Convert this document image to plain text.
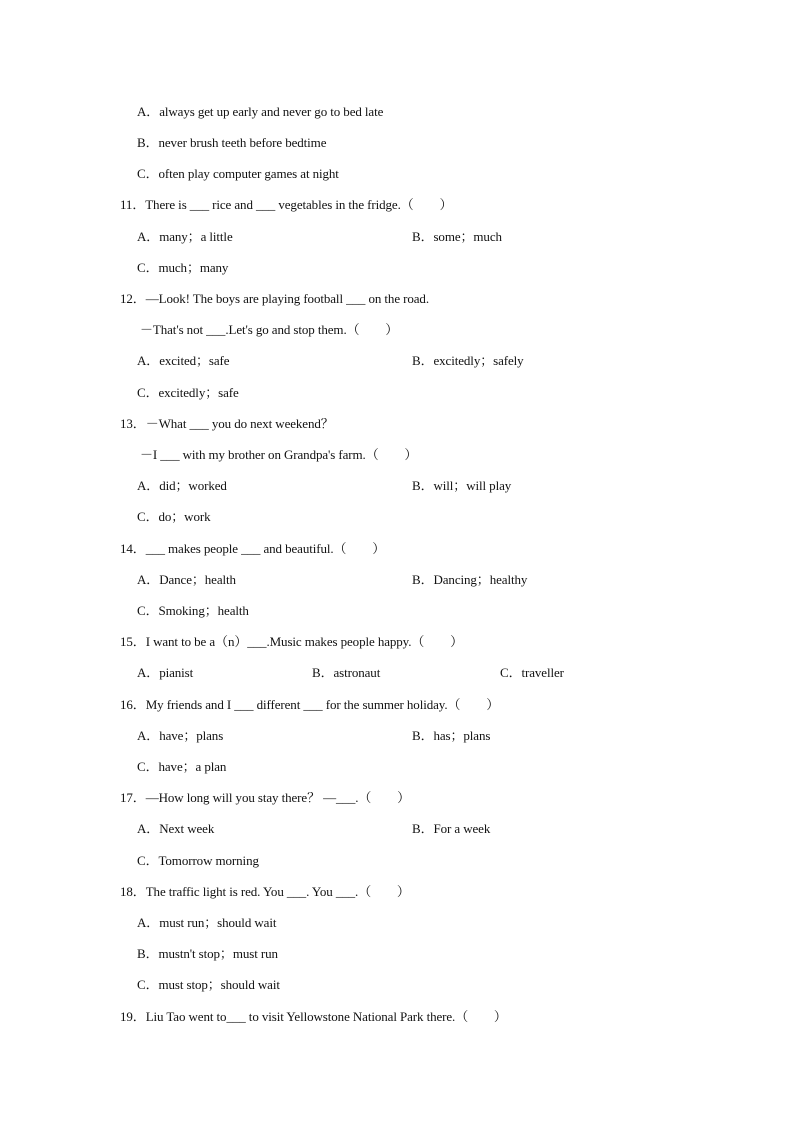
A．always get up early and never go to bed late
B．never brush teeth before bedtime
C．often play computer games at night
11．There is ___ rice and ___ vegetables in the fridge.（　　）
A．many；a little	B．some；much
C．much；many
12．—Look! The boys are playing football ___ on the road.
－That's not ___.Let's go and stop them.（　　）
A．excited；safe	B．excitedly；safely
C．excitedly；safe
13．－What ___ you do next weekend？
－I ___ with my brother on Grandpa's farm.（　　）
A．did；worked	B．will；will play
C．do；work
14．___ makes people ___ and beautiful.（　　）
A．Dance；health	B．Dancing；healthy
C．Smoking；health
15．I want to be a（n）___.Music makes people happy.（　　）
A．pianist	B．astronaut	C．traveller
16．My friends and I ___ different ___ for the summer holiday.（　　）
A．have；plans	B．has；plans
C．have；a plan
17．—How long will you stay there？ —___.（　　）
A．Next week	B．For a week
C．Tomorrow morning
18．The traffic light is red. You ___. You ___.（　　）
A．must run；should wait
B．mustn't stop；must run
C．must stop；should wait
19．Liu Tao went to___ to visit Yellowstone National Park there.（　　）
